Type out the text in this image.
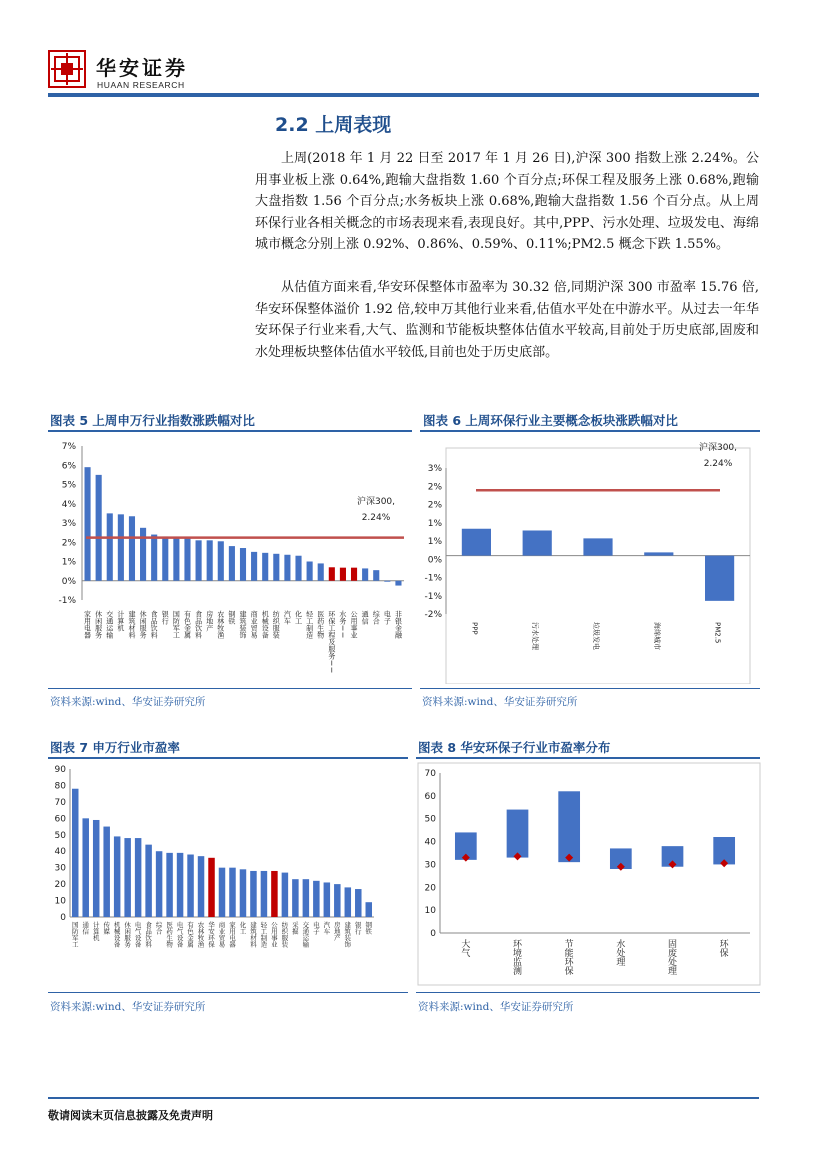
华安证券
HUAAN RESEARCH
2.2 上周表现

上周(2018 年 1 月 22 日至 2017 年 1 月 26 日),沪深 300 指数上涨 2.24%。公用事业板上涨 0.64%,跑输大盘指数 1.60 个百分点;环保工程及服务上涨 0.68%,跑输大盘指数 1.56 个百分点;水务板块上涨 0.68%,跑输大盘指数 1.56 个百分点。从上周环保行业各相关概念的市场表现来看,表现良好。其中,PPP、污水处理、垃圾发电、海绵城市概念分别上涨 0.92%、0.86%、0.59%、0.11%;PM2.5 概念下跌 1.55%。

从估值方面来看,华安环保整体市盈率为 30.32 倍,同期沪深 300 市盈率 15.76 倍,华安环保整体溢价 1.92 倍,较申万其他行业来看,估值水平处在中游水平。从过去一年华安环保子行业来看,大气、监测和节能板块整体估值水平较高,目前处于历史底部,固废和水处理板块整体估值水平较低,目前也处于历史底部。

图表 5 上周申万行业指数涨跌幅对比
-1%
0%
1%
2%
3%
4%
5%
6%
7%
家用电器
休闲服务
交通运输
计算机
建筑材料
休闲服务
食品饮料
银行
国防军工
有色金属
食品饮料
房地产
农林牧渔
钢铁
建筑装饰
商业贸易
机械设备
纺织服装
汽车
化工
轻工制造
医药生物
环保工程及服务 I I
水务 I I
公用事业
通信
综合
电子
非银金融
沪深300,
2.24%
资料来源:wind、华安证券研究所
图表 6 上周环保行业主要概念板块涨跌幅对比
-2%
-1%
-1%
0%
1%
1%
2%
2%
3%
PPP	污水处理	垃圾发电	海绵城市	PM2.5
沪深300,
2.24%
资料来源:wind、华安证券研究所
图表 7 申万行业市盈率
0
10
20
30
40
50
60
70
80
90
国防军工
通信
计算机
传媒
机械设备
休闲服务
电气设备
食品饮料
综合
医药生物
电气设备
有色金属
农林牧渔
华安环保
商业贸易
家用电器
化工
建筑材料
轻工制造
公用事业
纺织服装
采掘
交通运输
电子
汽车
房地产
建筑装饰
银行
钢铁
资料来源:wind、华安证券研究所
图表 8 华安环保子行业市盈率分布
0
10
20
30
40
50
60
70
大气
环境监测
节能环保
水处理
固废处理
环保
资料来源:wind、华安证券研究所
敬请阅读末页信息披露及免责声明
